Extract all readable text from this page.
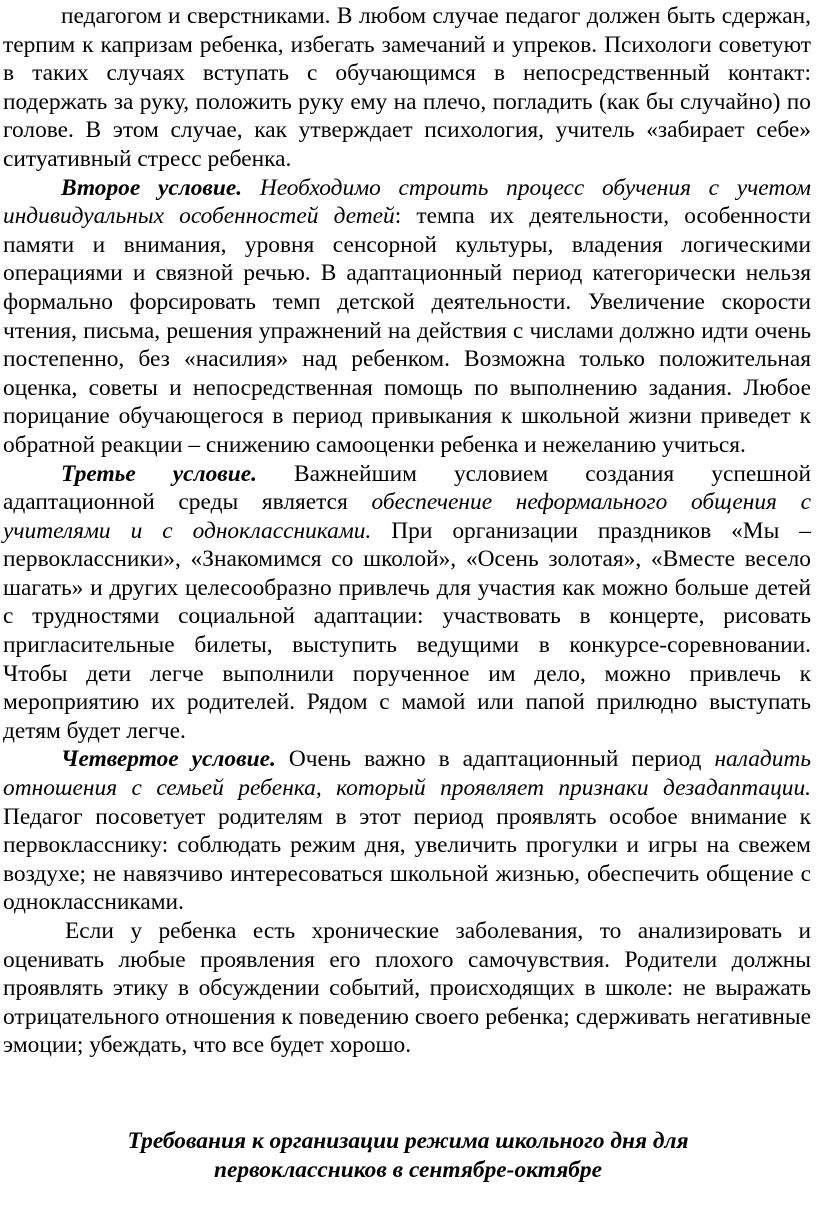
педагогом и сверстниками. В любом случае педагог должен быть сдержан, терпим к капризам ребенка, избегать замечаний и упреков. Психологи советуют в таких случаях вступать с обучающимся в непосредственный контакт: подержать за руку, положить руку ему на плечо, погладить (как бы случайно) по голове. В этом случае, как утверждает психология, учитель «забирает себе» ситуативный стресс ребенка.

Второе условие. Необходимо строить процесс обучения с учетом индивидуальных особенностей детей: темпа их деятельности, особенности памяти и внимания, уровня сенсорной культуры, владения логическими операциями и связной речью. В адаптационный период категорически нельзя формально форсировать темп детской деятельности. Увеличение скорости чтения, письма, решения упражнений на действия с числами должно идти очень постепенно, без «насилия» над ребенком. Возможна только положительная оценка, советы и непосредственная помощь по выполнению задания. Любое порицание обучающегося в период привыкания к школьной жизни приведет к обратной реакции – снижению самооценки ребенка и нежеланию учиться.

Третье условие. Важнейшим условием создания успешной адаптационной среды является обеспечение неформального общения с учителями и с одноклассниками. При организации праздников «Мы – первоклассники», «Знакомимся со школой», «Осень золотая», «Вместе весело шагать» и других целесообразно привлечь для участия как можно больше детей с трудностями социальной адаптации: участвовать в концерте, рисовать пригласительные билеты, выступить ведущими в конкурсе-соревновании. Чтобы дети легче выполнили порученное им дело, можно привлечь к мероприятию их родителей. Рядом с мамой или папой прилюдно выступать детям будет легче.

Четвертое условие. Очень важно в адаптационный период наладить отношения с семьей ребенка, который проявляет признаки дезадаптации. Педагог посоветует родителям в этот период проявлять особое внимание к первокласснику: соблюдать режим дня, увеличить прогулки и игры на свежем воздухе; не навязчиво интересоваться школьной жизнью, обеспечить общение с одноклассниками.

Если у ребенка есть хронические заболевания, то анализировать и оценивать любые проявления его плохого самочувствия. Родители должны проявлять этику в обсуждении событий, происходящих в школе: не выражать отрицательного отношения к поведению своего ребенка; сдерживать негативные эмоции; убеждать, что все будет хорошо.

Требования к организации режима школьного дня для
первоклассников в сентябре-октябре
